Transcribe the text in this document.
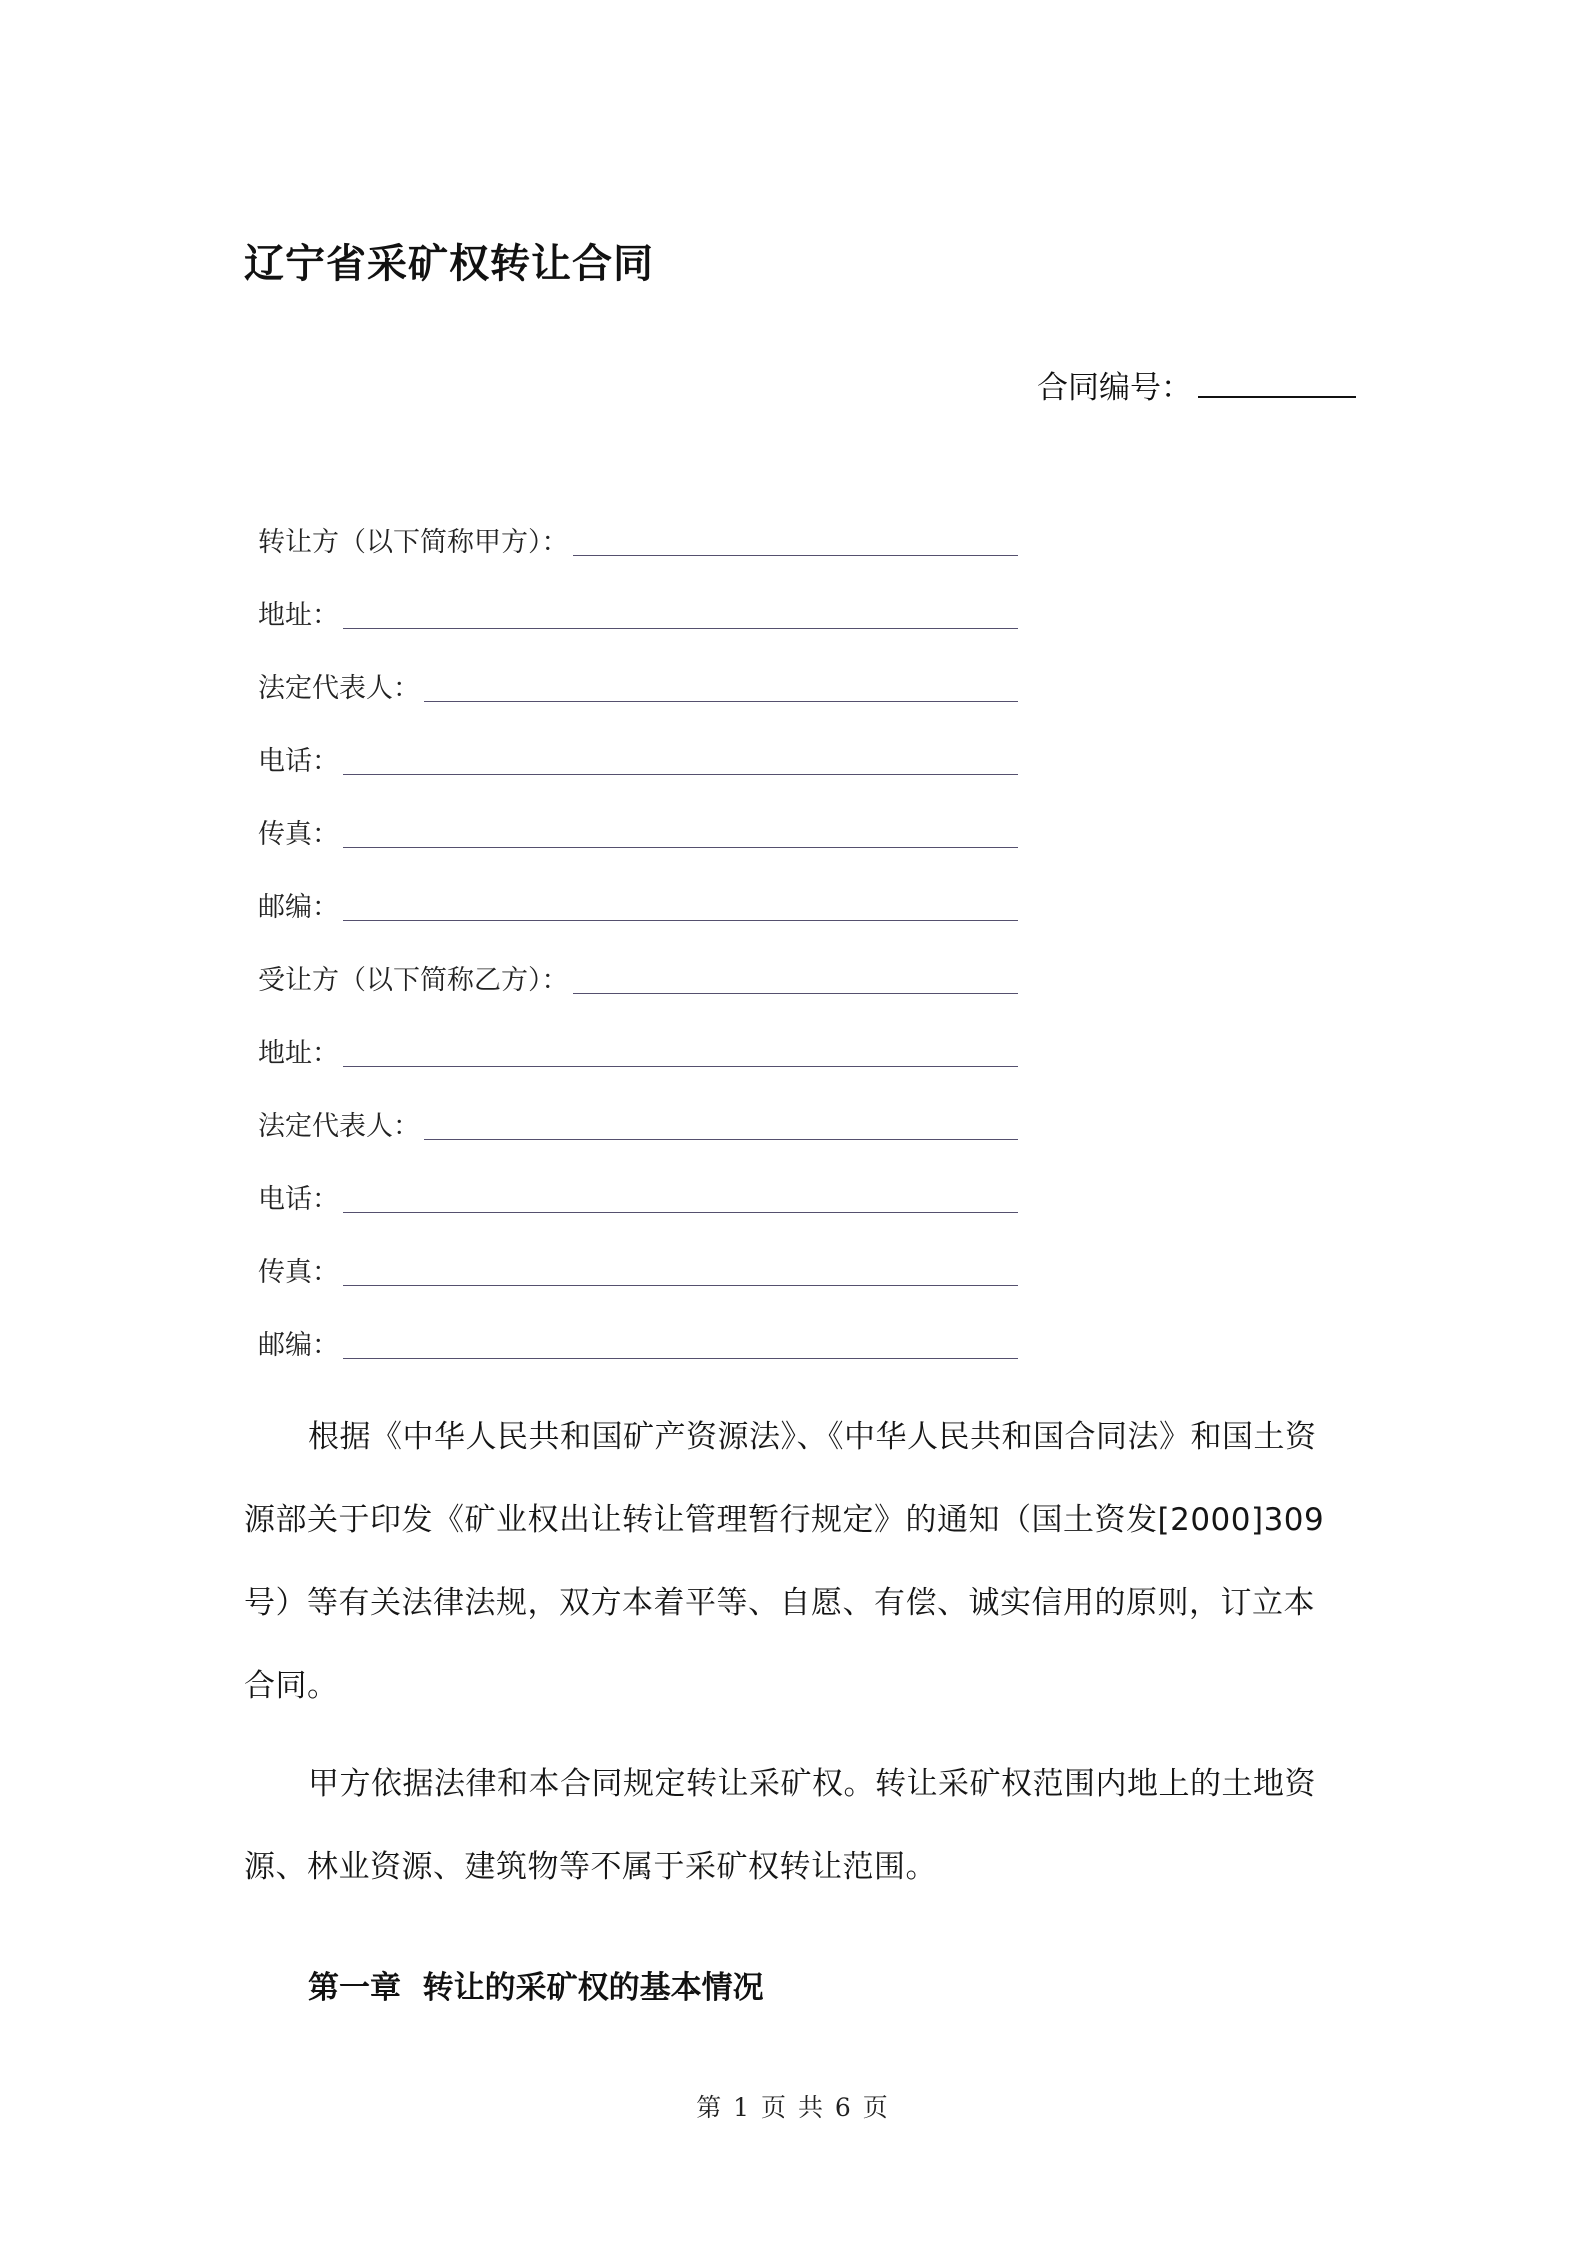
辽宁省采矿权转让合同
合同编号：
转让方（以下简称甲方）：
地址：
法定代表人：
电话：
传真：
邮编：
受让方（以下简称乙方）：
地址：
法定代表人：
电话：
传真：
邮编：
根据《中华人民共和国矿产资源法》、《中华人民共和国合同法》和国土资源部关于印发《矿业权出让转让管理暂行规定》的通知（国土资发[2000]309号）等有关法律法规，双方本着平等、自愿、有偿、诚实信用的原则，订立本合同。
甲方依据法律和本合同规定转让采矿权。转让采矿权范围内地上的土地资源、林业资源、建筑物等不属于采矿权转让范围。
第一章  转让的采矿权的基本情况
第 1 页 共 6 页
